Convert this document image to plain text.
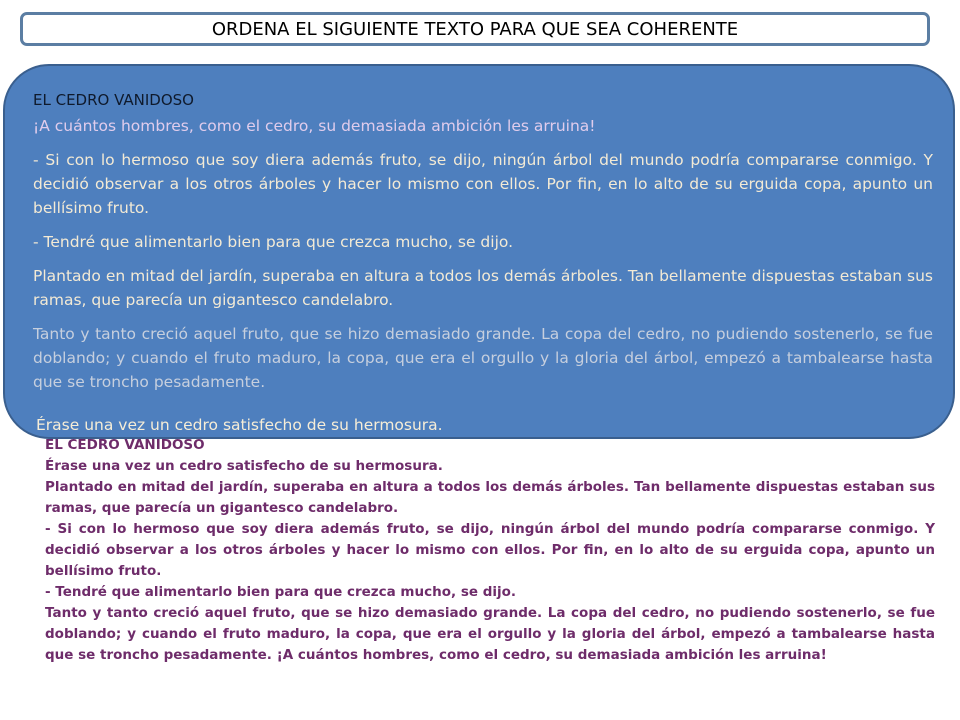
ORDENA EL SIGUIENTE TEXTO PARA QUE SEA COHERENTE

EL CEDRO VANIDOSO

¡A cuántos hombres, como el cedro, su demasiada ambición les arruina!

- Si con lo hermoso que soy diera además fruto, se dijo, ningún árbol del mundo podría compararse conmigo. Y decidió observar a los otros árboles y hacer lo mismo con ellos. Por fin, en lo alto de su erguida copa, apunto un bellísimo fruto.

- Tendré que alimentarlo bien para que crezca mucho, se dijo.

Plantado en mitad del jardín, superaba en altura a todos los demás árboles. Tan bellamente dispuestas estaban sus ramas, que parecía un gigantesco candelabro.

Tanto y tanto creció aquel fruto, que se hizo demasiado grande. La copa del cedro, no pudiendo sostenerlo, se fue doblando; y cuando el fruto maduro, la copa, que era el orgullo y la gloria del árbol, empezó a tambalearse hasta que se troncho pesadamente.

Érase una vez un cedro satisfecho de su hermosura.

EL CEDRO VANIDOSO

Érase una vez un cedro satisfecho de su hermosura.

Plantado en mitad del jardín, superaba en altura a todos los demás árboles. Tan bellamente dispuestas estaban sus ramas, que parecía un gigantesco candelabro.

- Si con lo hermoso que soy diera además fruto, se dijo, ningún árbol del mundo podría compararse conmigo. Y decidió observar a los otros árboles y hacer lo mismo con ellos. Por fin, en lo alto de su erguida copa, apunto un bellísimo fruto.

- Tendré que alimentarlo bien para que crezca mucho, se dijo.

Tanto y tanto creció aquel fruto, que se hizo demasiado grande. La copa del cedro, no pudiendo sostenerlo, se fue doblando; y cuando el fruto maduro, la copa, que era el orgullo y la gloria del árbol, empezó a tambalearse hasta que se troncho pesadamente. ¡A cuántos hombres, como el cedro, su demasiada ambición les arruina!
